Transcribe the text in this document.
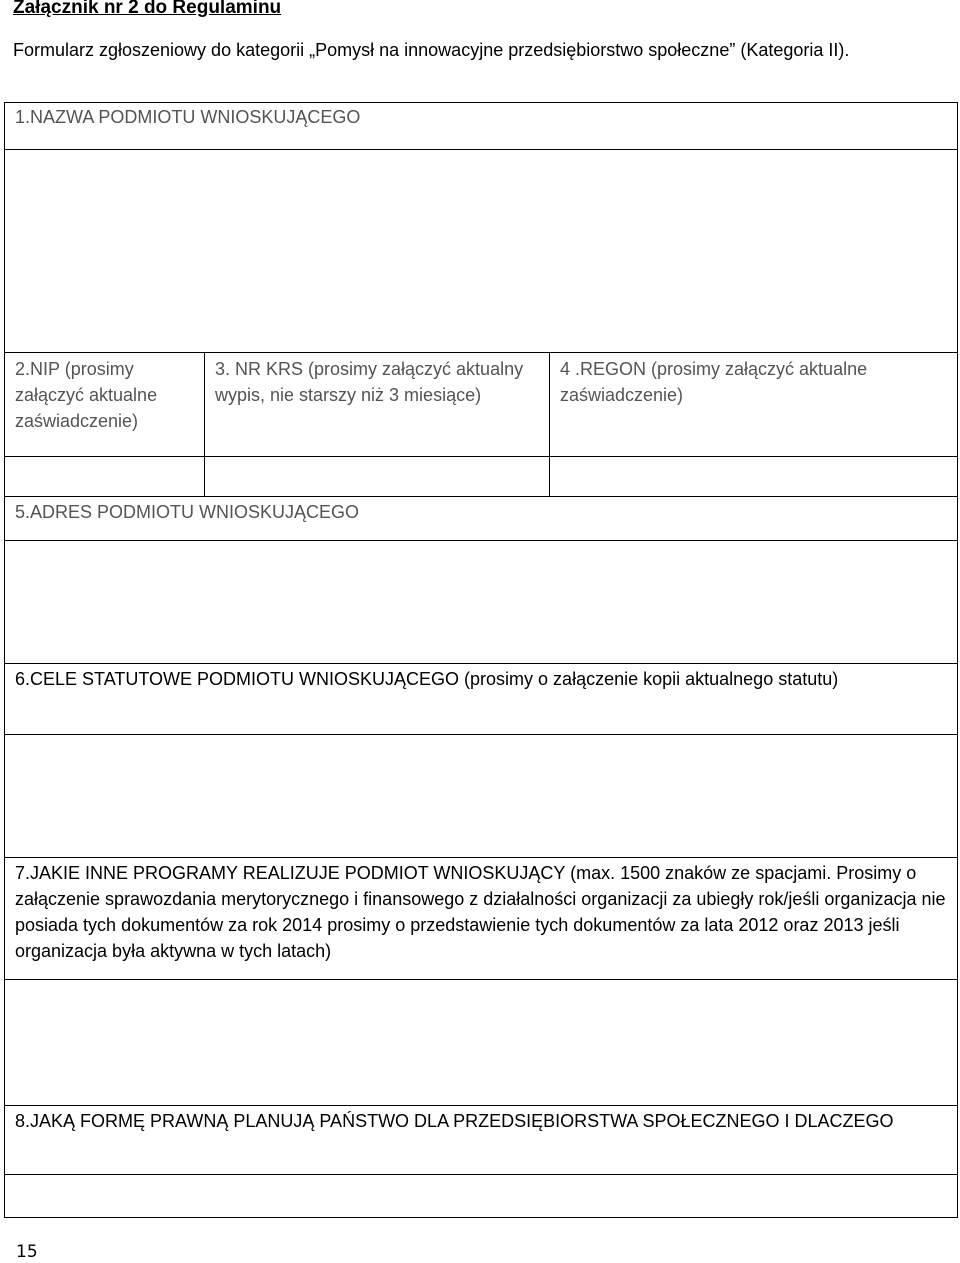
Załącznik nr 2 do Regulaminu
Formularz zgłoszeniowy do kategorii „Pomysł na innowacyjne przedsiębiorstwo społeczne” (Kategoria II).
1.NAZWA PODMIOTU WNIOSKUJĄCEGO		

2.NIP (prosimy załączyć aktualne zaświadczenie)	3. NR KRS (prosimy załączyć aktualny wypis, nie starszy niż 3 miesiące)	4 .REGON (prosimy załączyć aktualne zaświadczenie)

5.ADRES PODMIOTU WNIOSKUJĄCEGO		

6.CELE STATUTOWE PODMIOTU WNIOSKUJĄCEGO (prosimy o załączenie kopii aktualnego statutu)		

7.JAKIE INNE PROGRAMY REALIZUJE PODMIOT WNIOSKUJĄCY (max. 1500 znaków ze spacjami. Prosimy o załączenie sprawozdania merytorycznego i finansowego z działalności organizacji za ubiegły rok/jeśli organizacja nie posiada tych dokumentów za rok 2014 prosimy o przedstawienie tych dokumentów za lata 2012 oraz 2013 jeśli organizacja była aktywna w tych latach)		

8.JAKĄ FORMĘ PRAWNĄ PLANUJĄ PAŃSTWO DLA PRZEDSIĘBIORSTWA SPOŁECZNEGO I DLACZEGO		

15
